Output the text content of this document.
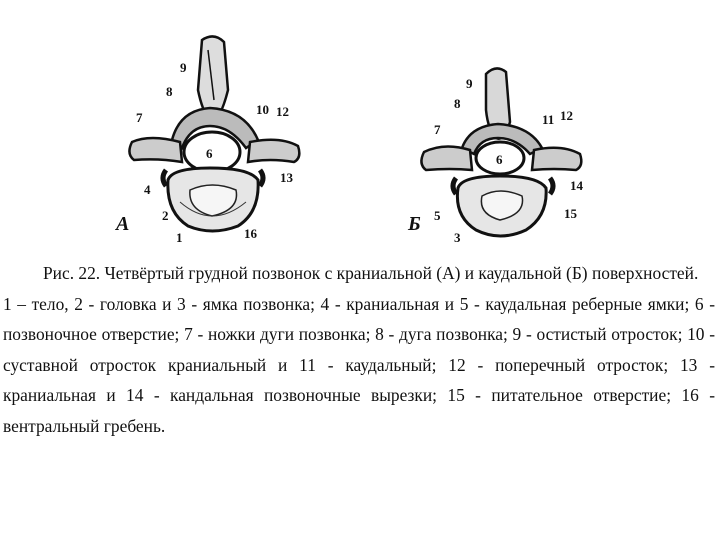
9
8
7
10 12
6
13
4
2
1	16
А
9
8
7
11 12
6
14
5	15
3
Б

Рис. 22. Четвёртый грудной позвонок с краниальной (А) и каудальной (Б) поверхностей.

1 – тело, 2 - головка и 3 - ямка позвонка; 4 - краниальная и 5 - каудальная реберные ямки; 6 - позвоночное отверстие; 7 - ножки дуги позвонка; 8 - дуга позвонка; 9 - остистый отросток; 10 - суставной отросток краниальный и 11 - каудальный; 12 - поперечный отросток; 13 - краниальная и 14 - кандальная позвоночные вырезки; 15 - питательное отверстие; 16 - вентральный гребень.
